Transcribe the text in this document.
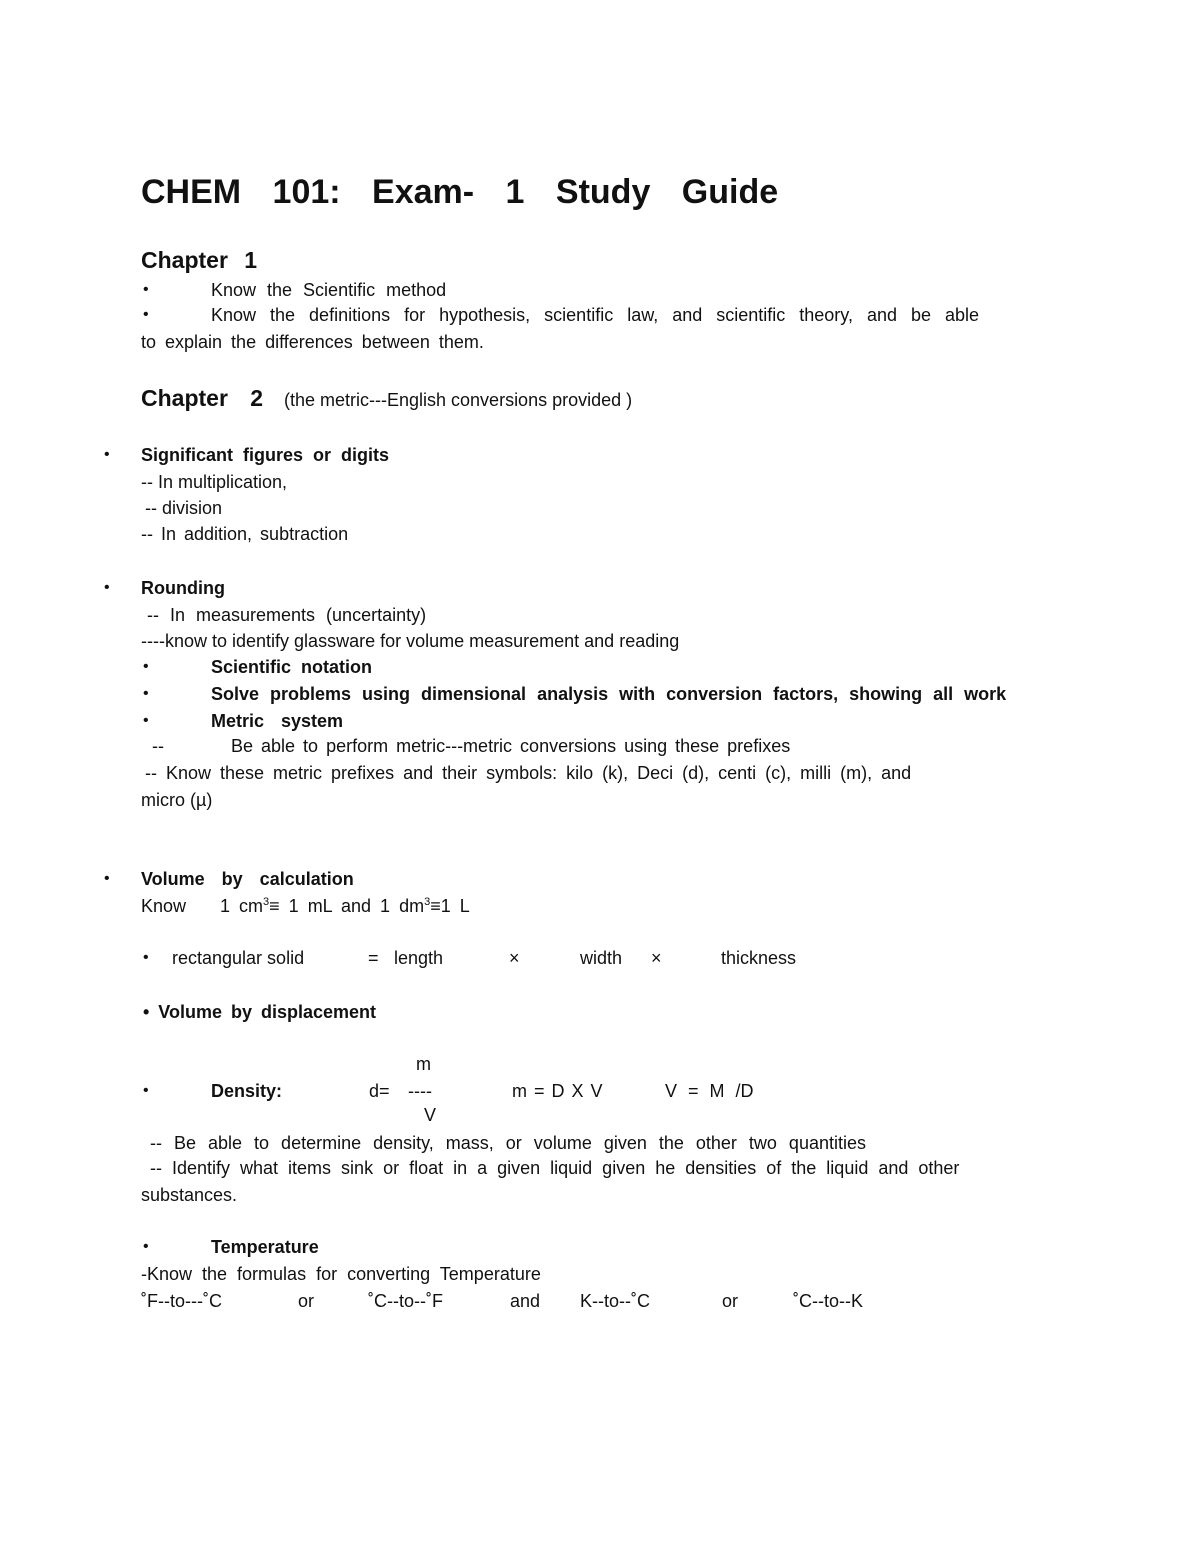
CHEM 101: Exam- 1 Study Guide
Chapter 1
•	Know the Scientific method
•	Know the definitions for hypothesis, scientific law, and scientific theory, and be able
to explain the differences between them.
Chapter 2 (the metric---English conversions provided )
• Significant figures or digits
-- In multiplication,
-- division
-- In addition, subtraction
• Rounding
-- In measurements (uncertainty)
----know to identify glassware for volume measurement and reading
•	Scientific notation
•	Solve problems using dimensional analysis with conversion factors, showing all work
•	Metric system
--	Be able to perform metric---metric conversions using these prefixes
-- Know these metric prefixes and their symbols: kilo (k), Deci (d), centi (c), milli (m), and
micro (µ)
• Volume by calculation
Know 1 $cm^3\equiv 1$ mL and 1 $dm^3\equiv 1$ L
• rectangular solid	= length	×	width ×	thickness
• Volume by displacement
m
•	Density:	d= ----	m = D X V	V = M /D
V
-- Be able to determine density, mass, or volume given the other two quantities
-- Identify what items sink or float in a given liquid given he densities of the liquid and other
substances.
•	Temperature
-Know the formulas for converting Temperature
˚F--to---˚C	or	˚C--to--˚F	and K--to--˚C	or	˚C--to--K
